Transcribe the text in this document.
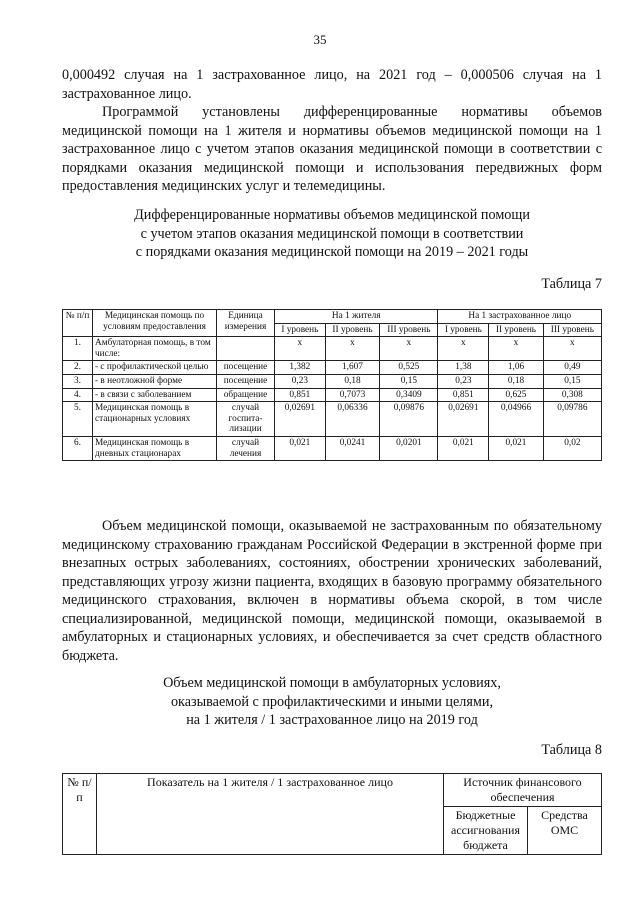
35
0,000492 случая на 1 застрахованное лицо, на 2021 год – 0,000506 случая на 1 застрахованное лицо.
Программой установлены дифференцированные нормативы объемов медицинской помощи на 1 жителя и нормативы объемов медицинской помощи на 1 застрахованное лицо с учетом этапов оказания медицинской помощи в соответствии с порядками оказания медицинской помощи и использования передвижных форм предоставления медицинских услуг и телемедицины.
Дифференцированные нормативы объемов медицинской помощи
с учетом этапов оказания медицинской помощи в соответствии
с порядками оказания медицинской помощи на 2019 – 2021 годы
Таблица 7
№ п/п	Медицинская помощь по условиям предоставления	Единица измерения	На 1 жителя			На 1 застрахованное лицо		
			I уровень	II уровень	III уровень	I уровень	II уровень	III уровень
1.	Амбулаторная помощь, в том числе:		х	х	х	х	х	х
2.	- с профилактической целью	посещение	1,382	1,607	0,525	1,38	1,06	0,49
3.	- в неотложной форме	посещение	0,23	0,18	0,15	0,23	0,18	0,15
4.	- в связи с заболеванием	обращение	0,851	0,7073	0,3409	0,851	0,625	0,308
5.	Медицинская помощь в стационарных условиях	случай госпита-лизации	0,02691	0,06336	0,09876	0,02691	0,04966	0,09786
6.	Медицинская помощь в дневных стационарах	случай лечения	0,021	0,0241	0,0201	0,021	0,021	0,02
Объем медицинской помощи, оказываемой не застрахованным по обязательному медицинскому страхованию гражданам Российской Федерации в экстренной форме при внезапных острых заболеваниях, состояниях, обострении хронических заболеваний, представляющих угрозу жизни пациента, входящих в базовую программу обязательного медицинского страхования, включен в нормативы объема скорой, в том числе специализированной, медицинской помощи, медицинской помощи, оказываемой в амбулаторных и стационарных условиях, и обеспечивается за счет средств областного бюджета.
Объем медицинской помощи в амбулаторных условиях,
оказываемой с профилактическими и иными целями,
на 1 жителя / 1 застрахованное лицо на 2019 год
Таблица 8
№ п/п	Показатель на 1 жителя / 1 застрахованное лицо	Источник финансового обеспечения	
		Бюджетные ассигнования бюджета	Средства ОМС
